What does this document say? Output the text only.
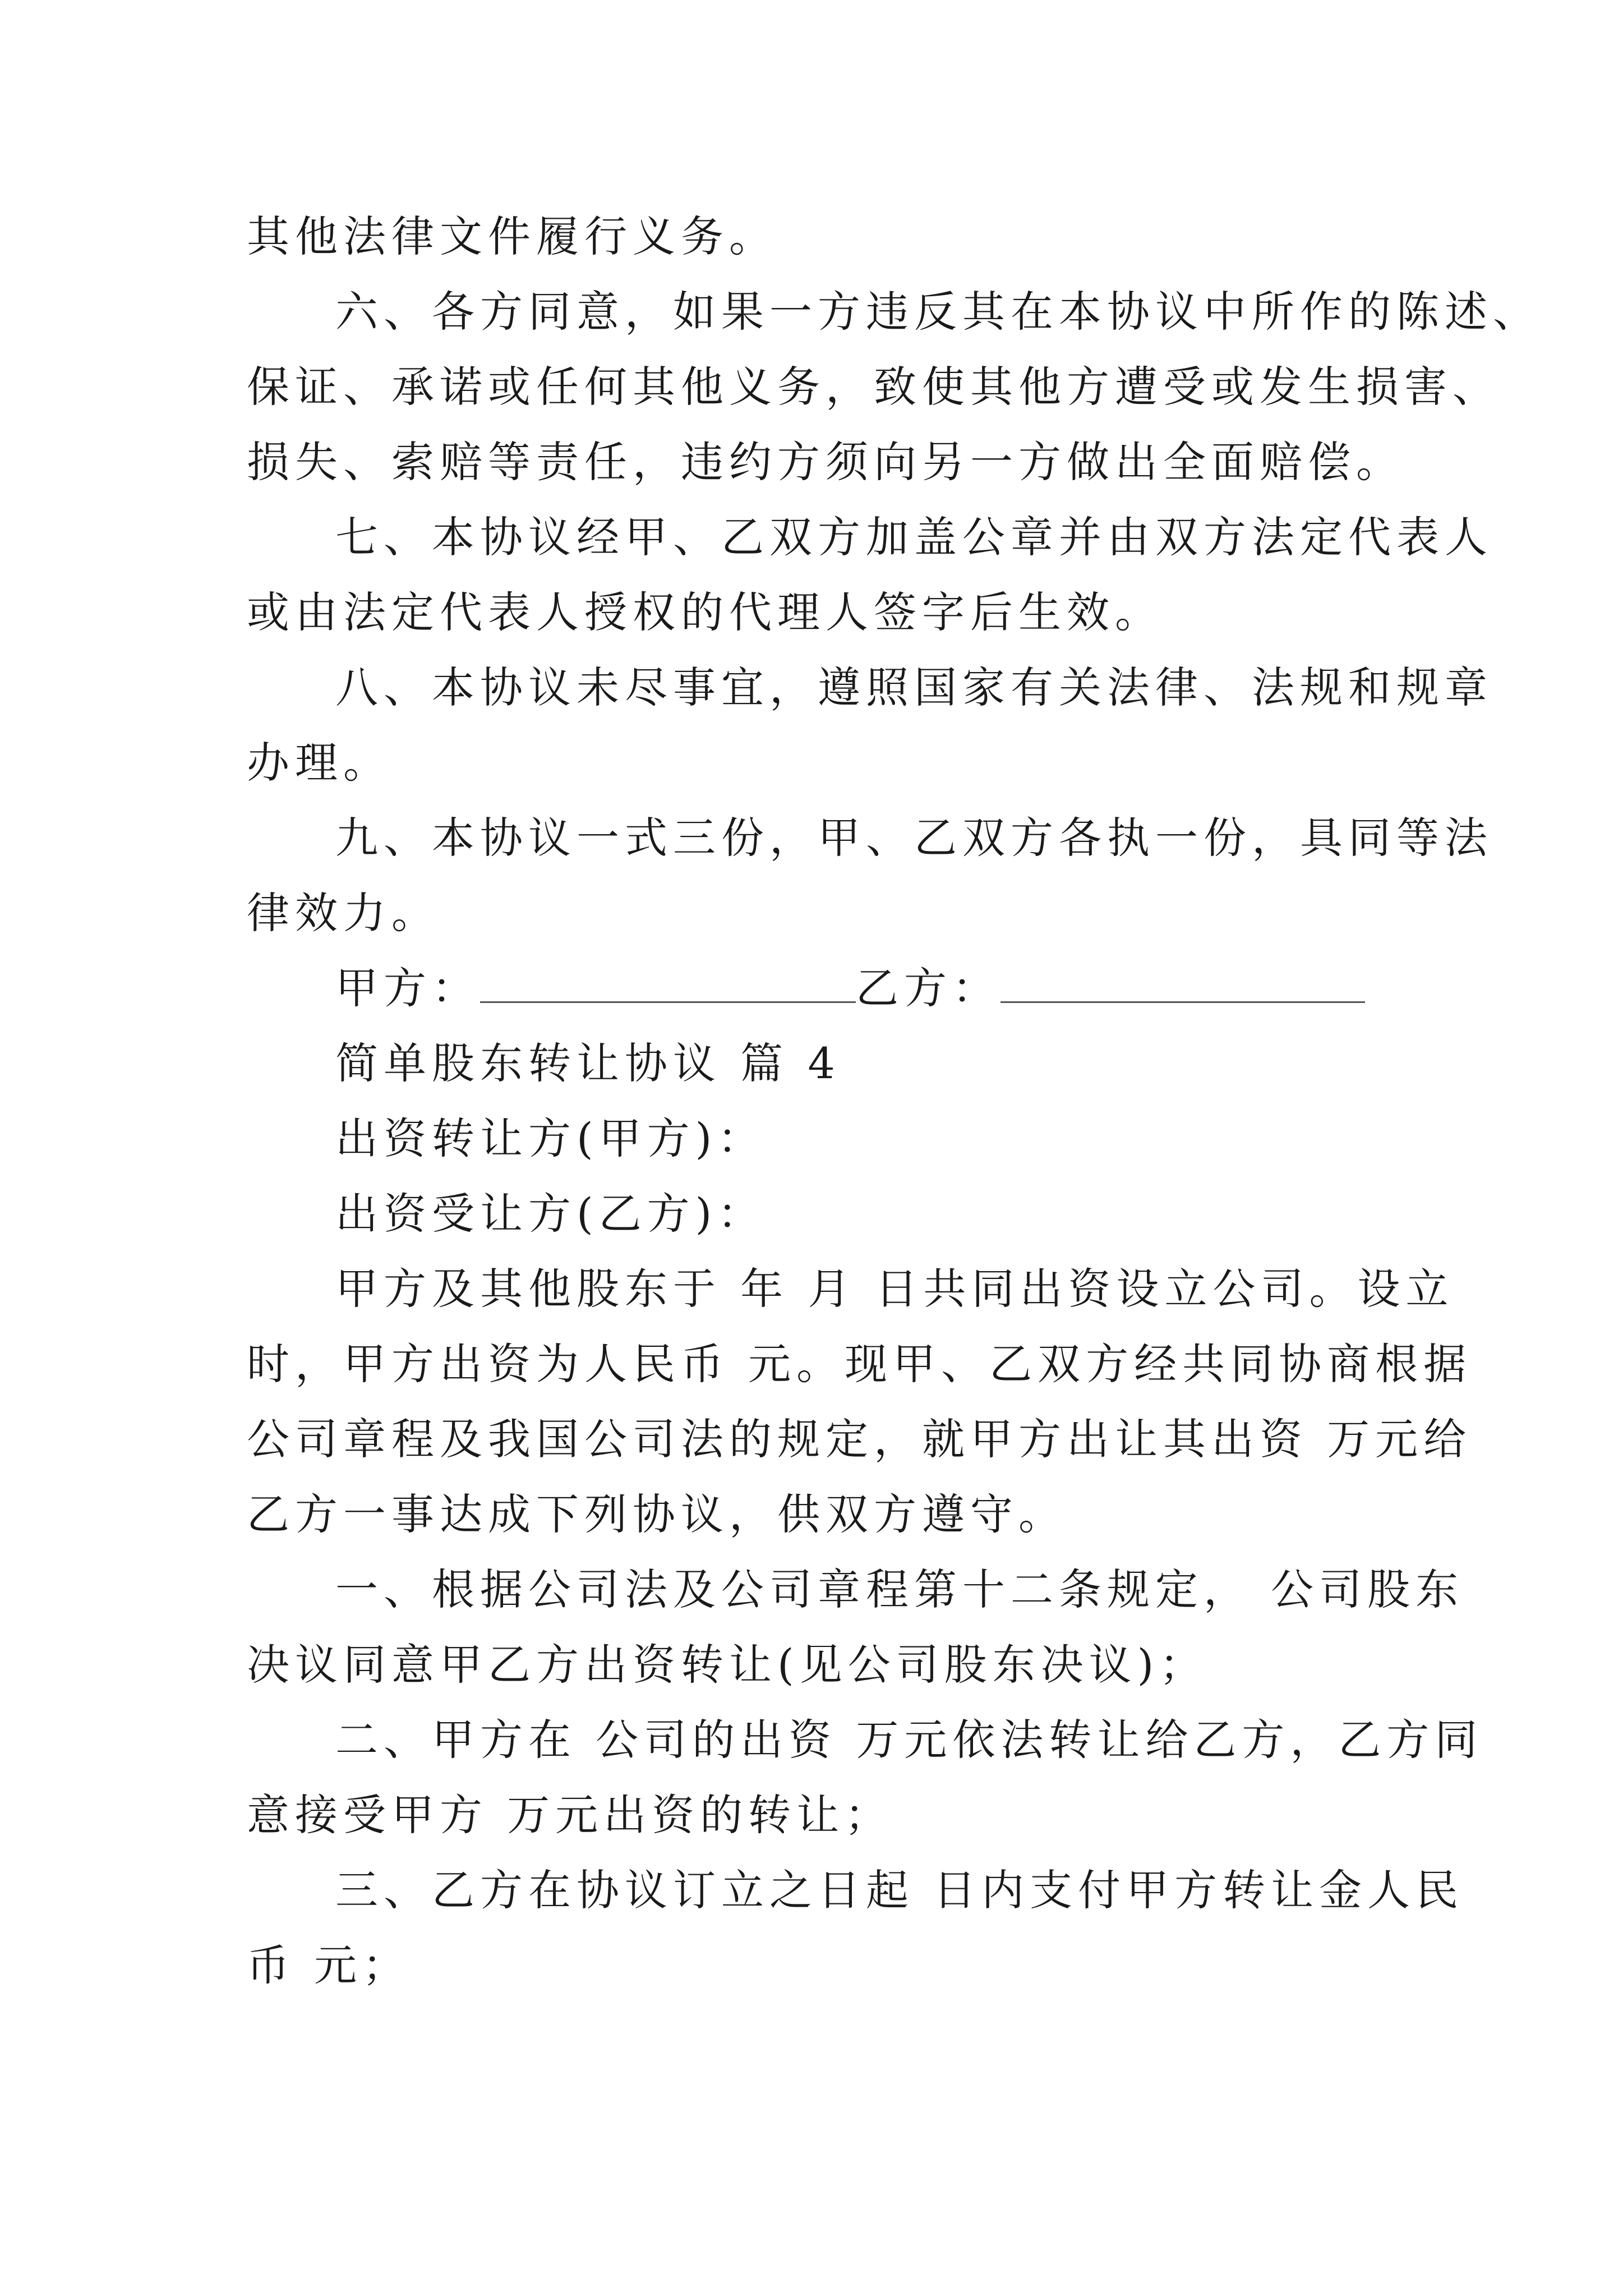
其他法律文件履行义务。
六、各方同意，如果一方违反其在本协议中所作的陈述、
保证、承诺或任何其他义务，致使其他方遭受或发生损害、
损失、索赔等责任，违约方须向另一方做出全面赔偿。
七、本协议经甲、乙双方加盖公章并由双方法定代表人
或由法定代表人授权的代理人签字后生效。
八、本协议未尽事宜，遵照国家有关法律、法规和规章
办理。
九、本协议一式三份，甲、乙双方各执一份，具同等法
律效力。
甲方：	乙方：
简单股东转让协议 篇 4
出资转让方(甲方)：
出资受让方(乙方)：
甲方及其他股东于 年 月 日共同出资设立公司。设立
时，甲方出资为人民币 元。现甲、乙双方经共同协商根据
公司章程及我国公司法的规定，就甲方出让其出资 万元给
乙方一事达成下列协议，供双方遵守。
一、根据公司法及公司章程第十二条规定， 公司股东
决议同意甲乙方出资转让(见公司股东决议)；
二、甲方在 公司的出资 万元依法转让给乙方，乙方同
意接受甲方 万元出资的转让；
三、乙方在协议订立之日起 日内支付甲方转让金人民
币 元；
